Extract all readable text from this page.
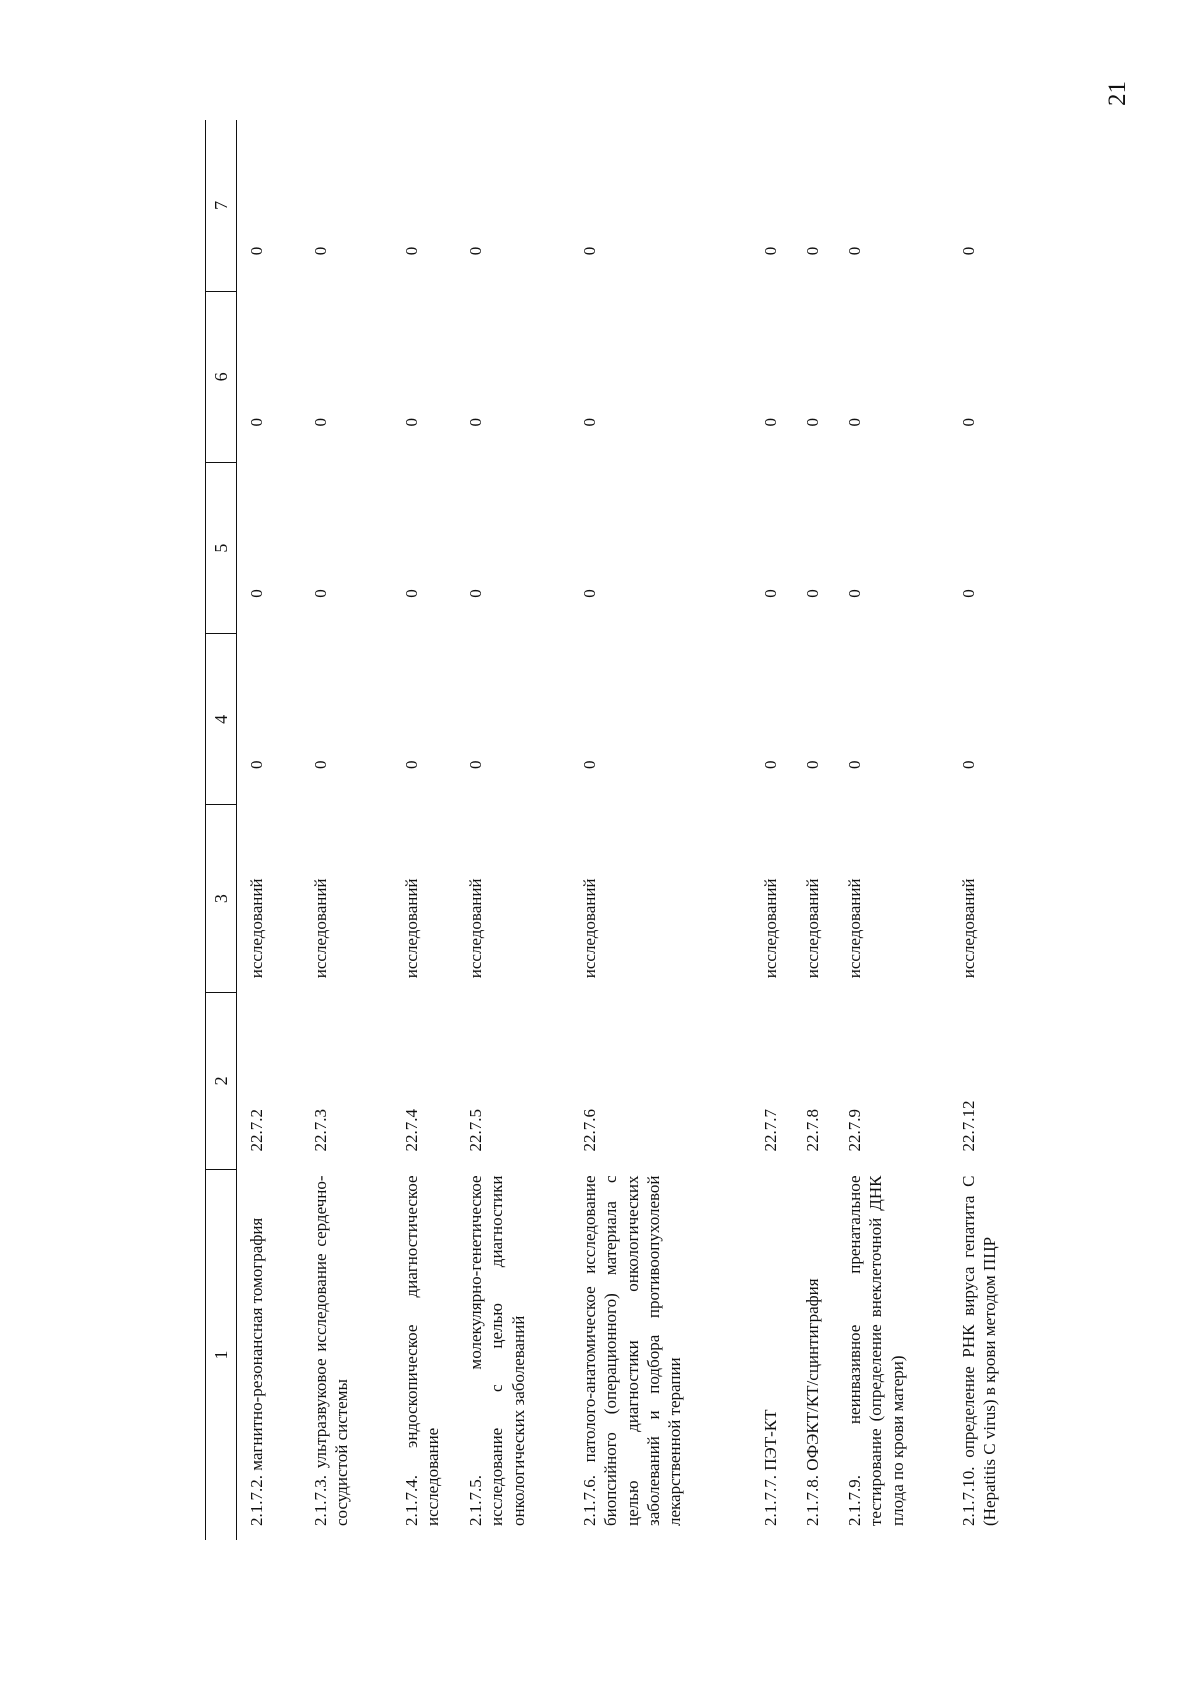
21
1	2	3	4	5	6	7
2.1.7.2. магнитно-резонансная томография	22.7.2	исследований	0	0	0	0
2.1.7.3. ультразвуковое исследование сердечно-сосудистой системы	22.7.3	исследований	0	0	0	0
2.1.7.4. эндоскопическое диагностическое исследование	22.7.4	исследований	0	0	0	0
2.1.7.5. молекулярно-генетическое исследование с целью диагностики онкологических заболеваний	22.7.5	исследований	0	0	0	0
2.1.7.6. патолого-анатомическое исследование биопсийного (операционного) материала с целью диагностики онкологических заболеваний и подбора противоопухолевой лекарственной терапии	22.7.6	исследований	0	0	0	0
2.1.7.7. ПЭТ-КТ	22.7.7	исследований	0	0	0	0
2.1.7.8. ОФЭКТ/КТ/сцинтиграфия	22.7.8	исследований	0	0	0	0
2.1.7.9. неинвазивное пренатальное тестирование (определение внеклеточной ДНК плода по крови матери)	22.7.9	исследований	0	0	0	0
2.1.7.10. определение РНК вируса гепатита C (Hepatitis C virus) в крови методом ПЦР	22.7.12	исследований	0	0	0	0
